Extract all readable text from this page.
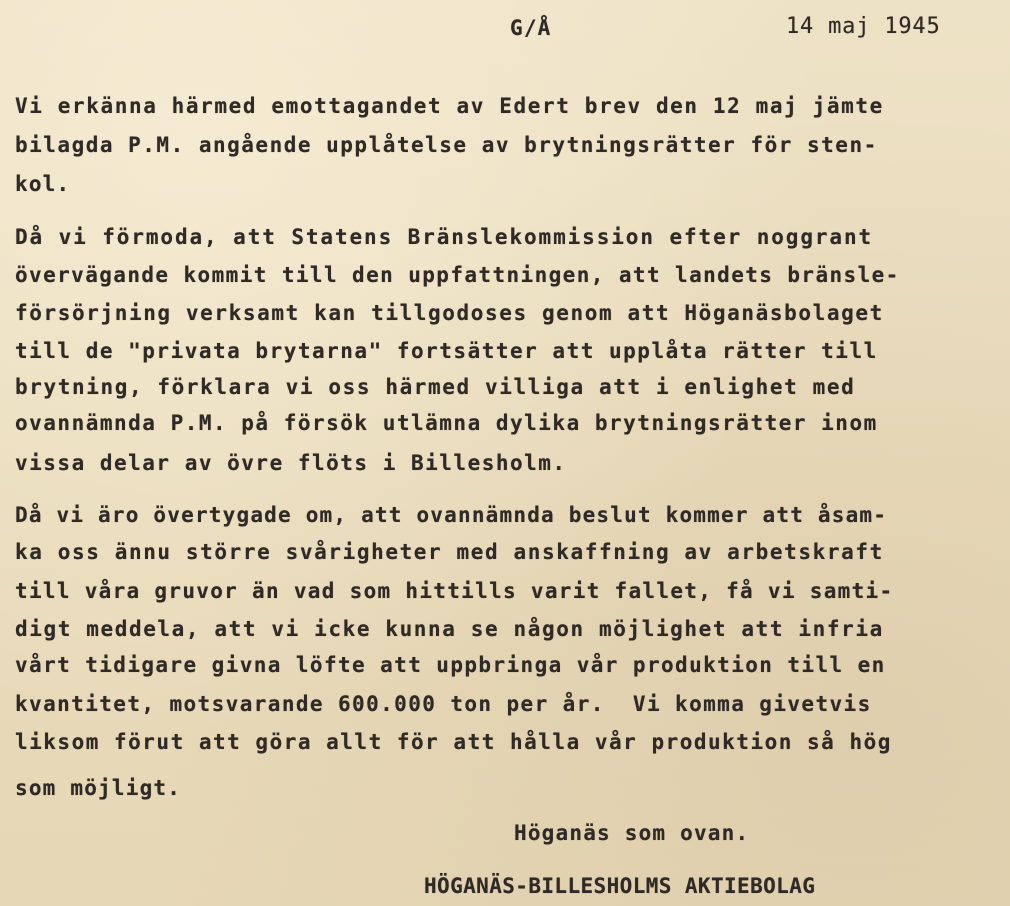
G/Å	14 maj 1945
Vi erkänna härmed emottagandet av Edert brev den 12 maj jämte
bilagda P.M. angående upplåtelse av brytningsrätter för sten-
kol.
Då vi förmoda, att Statens Bränslekommission efter noggrant
övervägande kommit till den uppfattningen, att landets bränsle-
försörjning verksamt kan tillgodoses genom att Höganäsbolaget
till de "privata brytarna" fortsätter att upplåta rätter till
brytning, förklara vi oss härmed villiga att i enlighet med
ovannämnda P.M. på försök utlämna dylika brytningsrätter inom
vissa delar av övre flöts i Billesholm.
Då vi äro övertygade om, att ovannämnda beslut kommer att åsam-
ka oss ännu större svårigheter med anskaffning av arbetskraft
till våra gruvor än vad som hittills varit fallet, få vi samti-
digt meddela, att vi icke kunna se någon möjlighet att infria
vårt tidigare givna löfte att uppbringa vår produktion till en
kvantitet, motsvarande 600.000 ton per år.  Vi komma givetvis
liksom förut att göra allt för att hålla vår produktion så hög
som möjligt.
Höganäs som ovan.
HÖGANÄS-BILLESHOLMS AKTIEBOLAG
